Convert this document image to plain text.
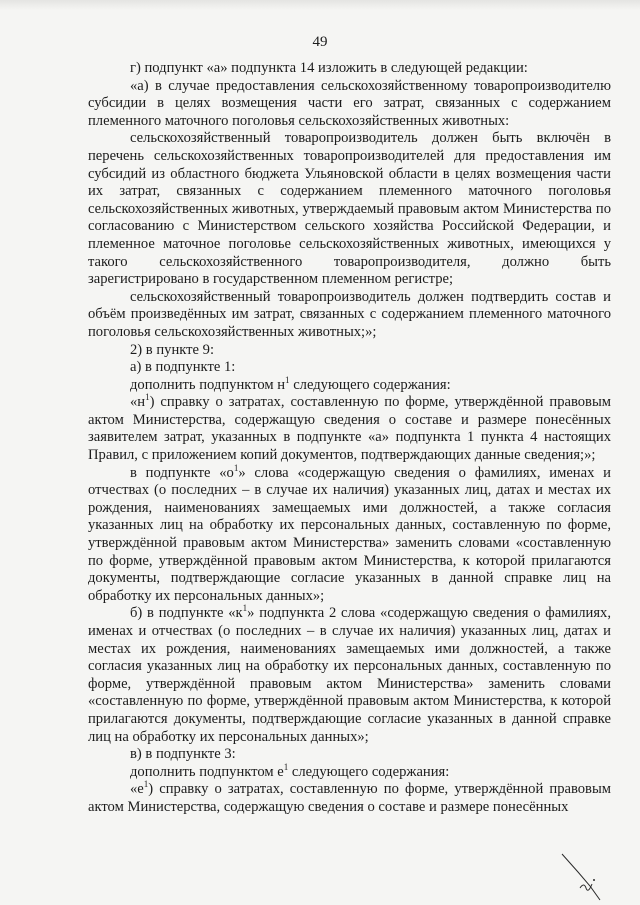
49

г) подпункт «а» подпункта 14 изложить в следующей редакции:

«а) в случае предоставления сельскохозяйственному товаропроизводителю субсидии в целях возмещения части его затрат, связанных с содержанием племенного маточного поголовья сельскохозяйственных животных:

сельскохозяйственный товаропроизводитель должен быть включён в перечень сельскохозяйственных товаропроизводителей для предоставления им субсидий из областного бюджета Ульяновской области в целях возмещения части их затрат, связанных с содержанием племенного маточного поголовья сельскохозяйственных животных, утверждаемый правовым актом Министерства по согласованию с Министерством сельского хозяйства Российской Федерации, и племенное маточное поголовье сельскохозяйственных животных, имеющихся у такого сельскохозяйственного товаропроизводителя, должно быть зарегистрировано в государственном племенном регистре;

сельскохозяйственный товаропроизводитель должен подтвердить состав и объём произведённых им затрат, связанных с содержанием племенного маточного поголовья сельскохозяйственных животных;»;

2) в пункте 9:

а) в подпункте 1:

дополнить подпунктом $н^1$ следующего содержания:

«$н^1$) справку о затратах, составленную по форме, утверждённой правовым актом Министерства, содержащую сведения о составе и размере понесённых заявителем затрат, указанных в подпункте «а» подпункта 1 пункта 4 настоящих Правил, с приложением копий документов, подтверждающих данные сведения;»;

в подпункте «$о^1$» слова «содержащую сведения о фамилиях, именах и отчествах (о последних – в случае их наличия) указанных лиц, датах и местах их рождения, наименованиях замещаемых ими должностей, а также согласия указанных лиц на обработку их персональных данных, составленную по форме, утверждённой правовым актом Министерства» заменить словами «составленную по форме, утверждённой правовым актом Министерства, к которой прилагаются документы, подтверждающие согласие указанных в данной справке лиц на обработку их персональных данных»;

б) в подпункте «$к^1$» подпункта 2 слова «содержащую сведения о фамилиях, именах и отчествах (о последних – в случае их наличия) указанных лиц, датах и местах их рождения, наименованиях замещаемых ими должностей, а также согласия указанных лиц на обработку их персональных данных, составленную по форме, утверждённой правовым актом Министерства» заменить словами «составленную по форме, утверждённой правовым актом Министерства, к которой прилагаются документы, подтверждающие согласие указанных в данной справке лиц на обработку их персональных данных»;

в) в подпункте 3:

дополнить подпунктом $е^1$ следующего содержания:

«$е^1$) справку о затратах, составленную по форме, утверждённой правовым актом Министерства, содержащую сведения о составе и размере понесённых
